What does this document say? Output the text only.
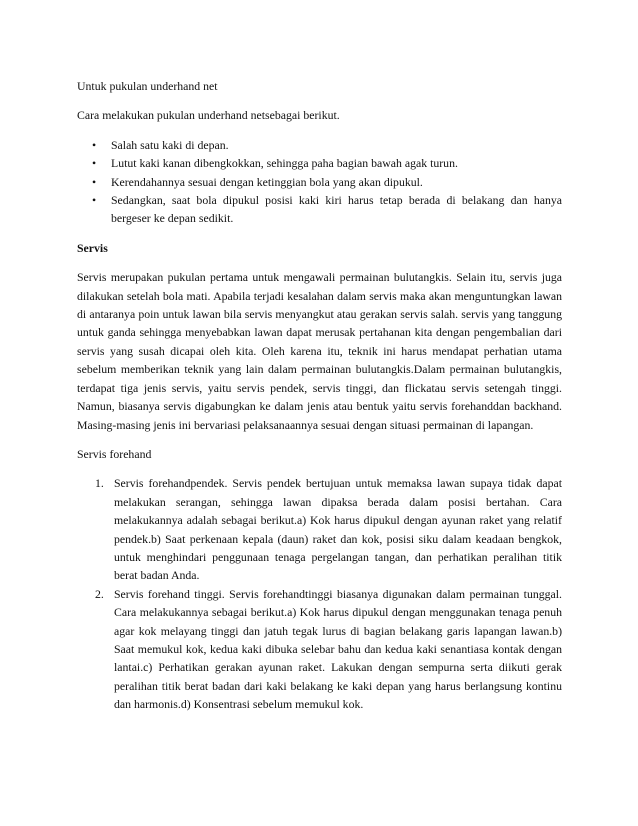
Untuk pukulan underhand net

Cara melakukan pukulan underhand netsebagai berikut.

• Salah satu kaki di depan.
• Lutut kaki kanan dibengkokkan, sehingga paha bagian bawah agak turun.
• Kerendahannya sesuai dengan ketinggian bola yang akan dipukul.
• Sedangkan, saat bola dipukul posisi kaki kiri harus tetap berada di belakang dan hanya bergeser ke depan sedikit.

Servis

Servis merupakan pukulan pertama untuk mengawali permainan bulutangkis. Selain itu, servis juga dilakukan setelah bola mati. Apabila terjadi kesalahan dalam servis maka akan menguntungkan lawan di antaranya poin untuk lawan bila servis menyangkut atau gerakan servis salah. servis yang tanggung untuk ganda sehingga menyebabkan lawan dapat merusak pertahanan kita dengan pengembalian dari servis yang susah dicapai oleh kita. Oleh karena itu, teknik ini harus mendapat perhatian utama sebelum memberikan teknik yang lain dalam permainan bulutangkis.Dalam permainan bulutangkis, terdapat tiga jenis servis, yaitu servis pendek, servis tinggi, dan flickatau servis setengah tinggi. Namun, biasanya servis digabungkan ke dalam jenis atau bentuk yaitu servis forehanddan backhand. Masing-masing jenis ini bervariasi pelaksanaannya sesuai dengan situasi permainan di lapangan.

Servis forehand

1. Servis forehandpendek. Servis pendek bertujuan untuk memaksa lawan supaya tidak dapat melakukan serangan, sehingga lawan dipaksa berada dalam posisi bertahan. Cara melakukannya adalah sebagai berikut.a) Kok harus dipukul dengan ayunan raket yang relatif pendek.b) Saat perkenaan kepala (daun) raket dan kok, posisi siku dalam keadaan bengkok, untuk menghindari penggunaan tenaga pergelangan tangan, dan perhatikan peralihan titik berat badan Anda.
2. Servis forehand tinggi. Servis forehandtinggi biasanya digunakan dalam permainan tunggal. Cara melakukannya sebagai berikut.a) Kok harus dipukul dengan menggunakan tenaga penuh agar kok melayang tinggi dan jatuh tegak lurus di bagian belakang garis lapangan lawan.b) Saat memukul kok, kedua kaki dibuka selebar bahu dan kedua kaki senantiasa kontak dengan lantai.c) Perhatikan gerakan ayunan raket. Lakukan dengan sempurna serta diikuti gerak peralihan titik berat badan dari kaki belakang ke kaki depan yang harus berlangsung kontinu dan harmonis.d) Konsentrasi sebelum memukul kok.
